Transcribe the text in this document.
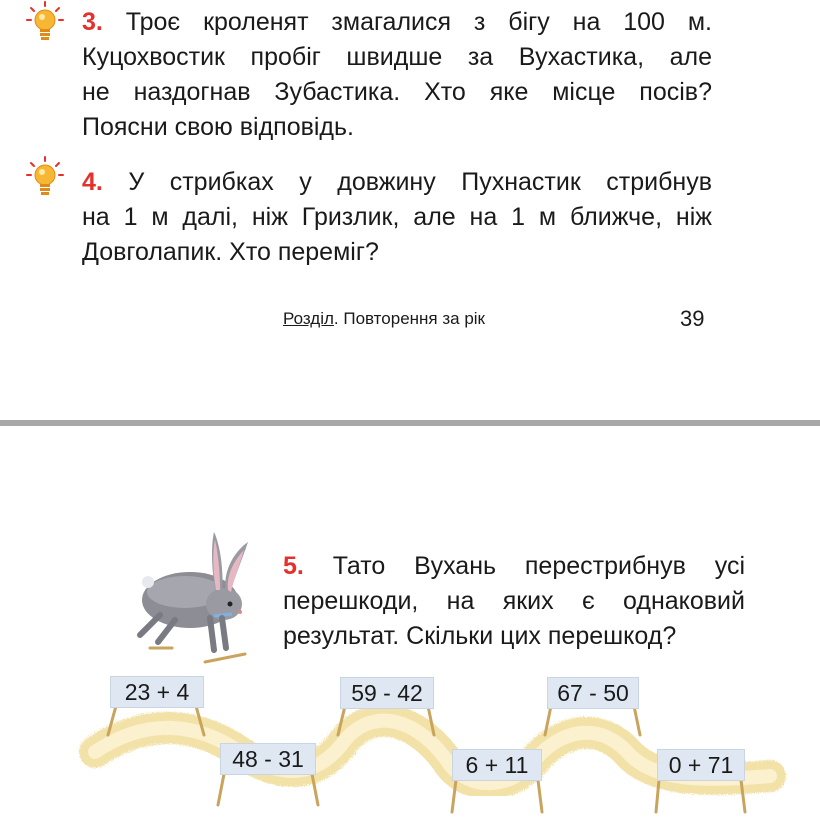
3. Троє кроленят змагалися з бігу на 100 м.
Куцохвостик пробіг швидше за Вухастика, але
не наздогнав Зубастика. Хто яке місце посів?
Поясни свою відповідь.
4. У стрибках у довжину Пухнастик стрибнув
на 1 м далі, ніж Гризлик, але на 1 м ближче, ніж
Довголапик. Хто переміг?
Розділ. Повторення за рік	39
5. Тато Вухань перестрибнув усі
перешкоди, на яких є однаковий
результат. Скільки цих перешкод?
23 + 4
48 - 31
59 - 42
6 + 11
67 - 50
0 + 71
